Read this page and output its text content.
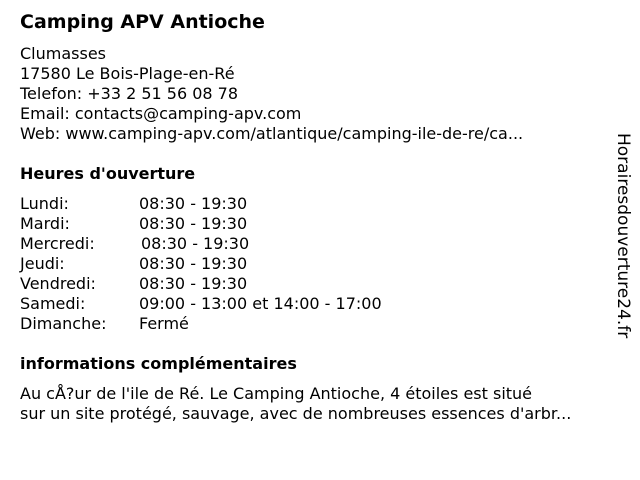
Camping APV Antioche
Clumasses
17580 Le Bois-Plage-en-Ré
Telefon: +33 2 51 56 08 78
Email: contacts@camping-apv.com
Web: www.camping-apv.com/atlantique/camping-ile-de-re/ca...
Heures d'ouverture
Lundi:	08:30 - 19:30
Mardi:	08:30 - 19:30
Mercredi:	08:30 - 19:30
Jeudi:	08:30 - 19:30
Vendredi:	08:30 - 19:30
Samedi:	09:00 - 13:00 et 14:00 - 17:00
Dimanche: Fermé
informations complémentaires
Au cÅ?ur de l'ile de Ré. Le Camping Antioche, 4 étoiles est situé
sur un site protégé, sauvage, avec de nombreuses essences d'arbr...
Horairesdouverture24.fr
